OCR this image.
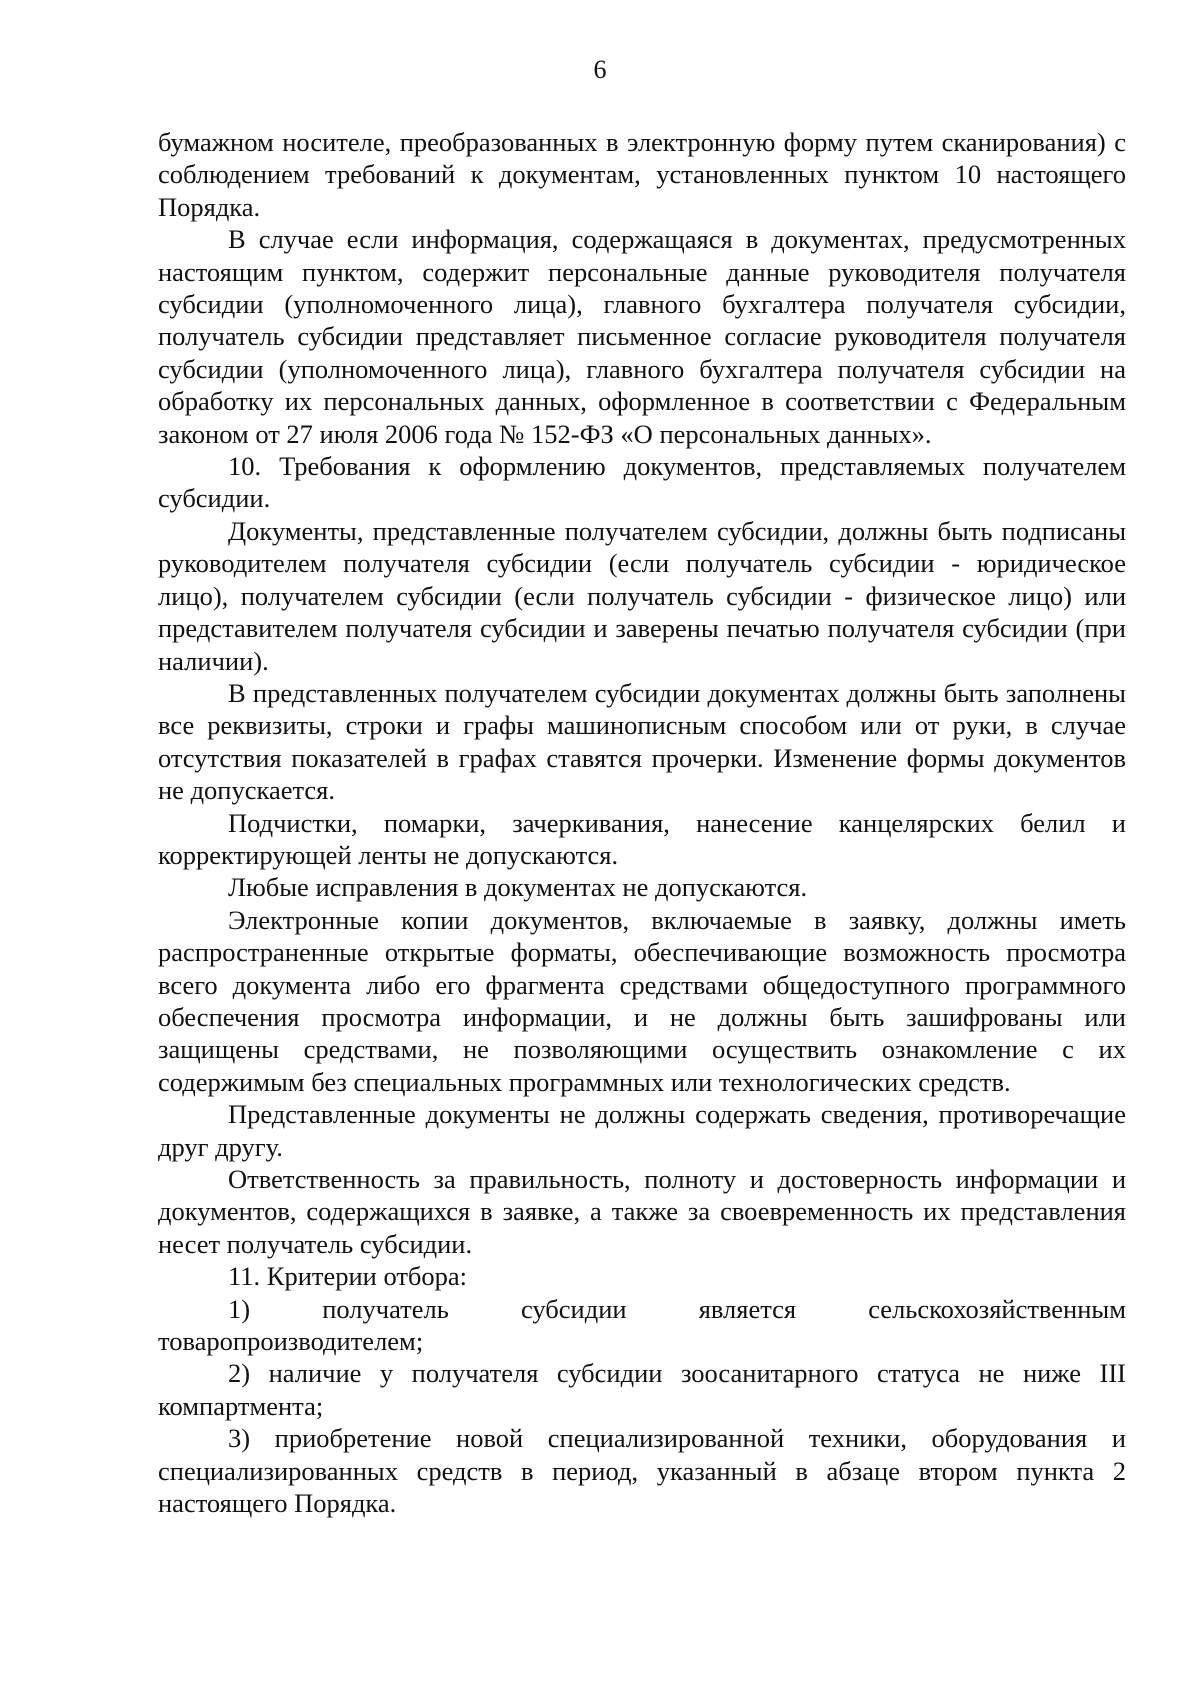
6

бумажном носителе, преобразованных в электронную форму путем сканирования) с соблюдением требований к документам, установленных пунктом 10 настоящего Порядка.

В случае если информация, содержащаяся в документах, предусмотренных настоящим пунктом, содержит персональные данные руководителя получателя субсидии (уполномоченного лица), главного бухгалтера получателя субсидии, получатель субсидии представляет письменное согласие руководителя получателя субсидии (уполномоченного лица), главного бухгалтера получателя субсидии на обработку их персональных данных, оформленное в соответствии с Федеральным законом от 27 июля 2006 года № 152-ФЗ «О персональных данных».

10. Требования к оформлению документов, представляемых получателем субсидии.

Документы, представленные получателем субсидии, должны быть подписаны руководителем получателя субсидии (если получатель субсидии - юридическое лицо), получателем субсидии (если получатель субсидии - физическое лицо) или представителем получателя субсидии и заверены печатью получателя субсидии (при наличии).

В представленных получателем субсидии документах должны быть заполнены все реквизиты, строки и графы машинописным способом или от руки, в случае отсутствия показателей в графах ставятся прочерки. Изменение формы документов не допускается.

Подчистки, помарки, зачеркивания, нанесение канцелярских белил и корректирующей ленты не допускаются.

Любые исправления в документах не допускаются.

Электронные копии документов, включаемые в заявку, должны иметь распространенные открытые форматы, обеспечивающие возможность просмотра всего документа либо его фрагмента средствами общедоступного программного обеспечения просмотра информации, и не должны быть зашифрованы или защищены средствами, не позволяющими осуществить ознакомление с их содержимым без специальных программных или технологических средств.

Представленные документы не должны содержать сведения, противоречащие друг другу.

Ответственность за правильность, полноту и достоверность информации и документов, содержащихся в заявке, а также за своевременность их представления несет получатель субсидии.

11. Критерии отбора:

1) получатель субсидии является сельскохозяйственным товаропроизводителем;

2) наличие у получателя субсидии зоосанитарного статуса не ниже III компартмента;

3) приобретение новой специализированной техники, оборудования и специализированных средств в период, указанный в абзаце втором пункта 2 настоящего Порядка.
